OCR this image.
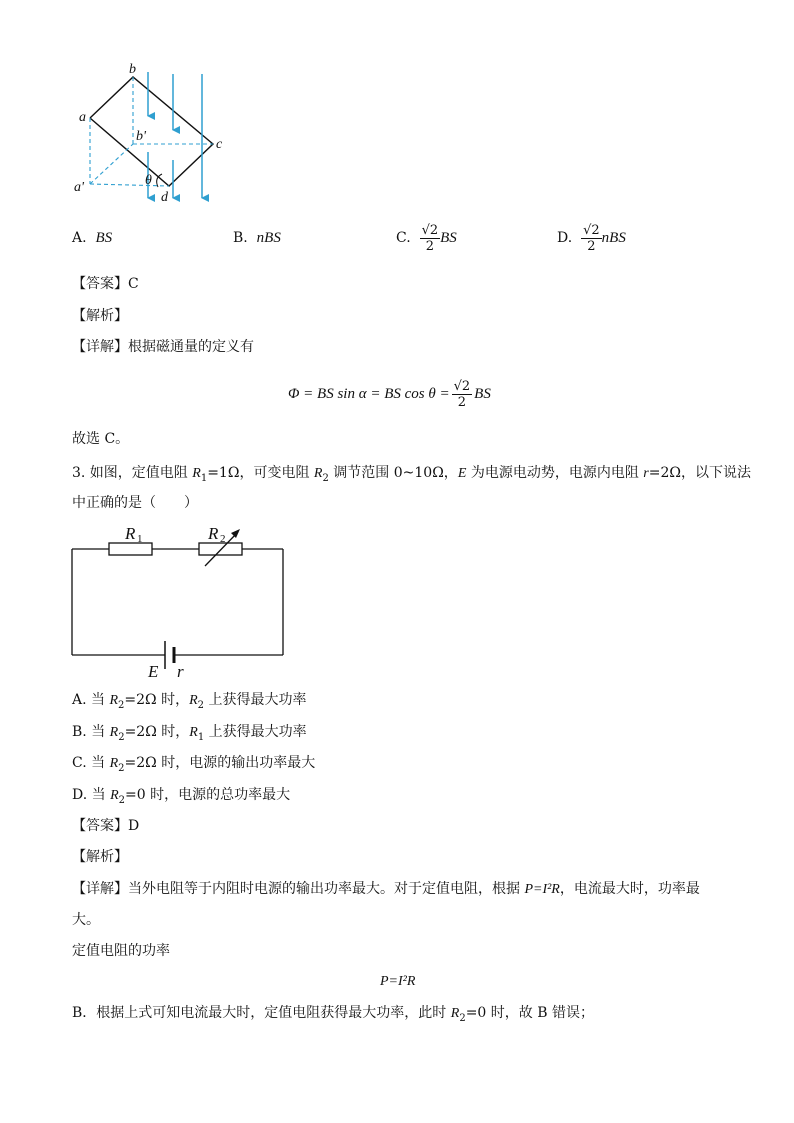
a
b
c
d
a'
b'
θ
A. BS	B. nBS	C.
$\frac{√2}{2}$ BS	D.
$\frac{√2}{2}$ nBS
【答案】C
【解析】
【详解】根据磁通量的定义有
Φ = BS sin α = BS $\cos \theta = \frac{√2}{2}$ BS
故选 C。
3. 如图，定值电阻 $R_1=1\Omega$，可变电阻 $R_2$ 调节范围 0~10Ω，E 为电源电动势，电源内电阻 r=2Ω，以下说法
中正确的是（　　）
R 1	R 2
E r
A. 当 $R_2=2\Omega$ 时，$R_2$ 上获得最大功率
B. 当 $R_2=2\Omega$ 时，$R_1$ 上获得最大功率
C. 当 $R_2=2\Omega$ 时，电源的输出功率最大
D. 当 $R_2=0$ 时，电源的总功率最大
【答案】D
【解析】
【详解】当外电阻等于内阻时电源的输出功率最大。对于定值电阻，根据 P=I²R，电流最大时，功率最
大。
定值电阻的功率
P=I²R
B．根据上式可知电流最大时，定值电阻获得最大功率，此时 $R_2=0$ 时，故 B 错误；
